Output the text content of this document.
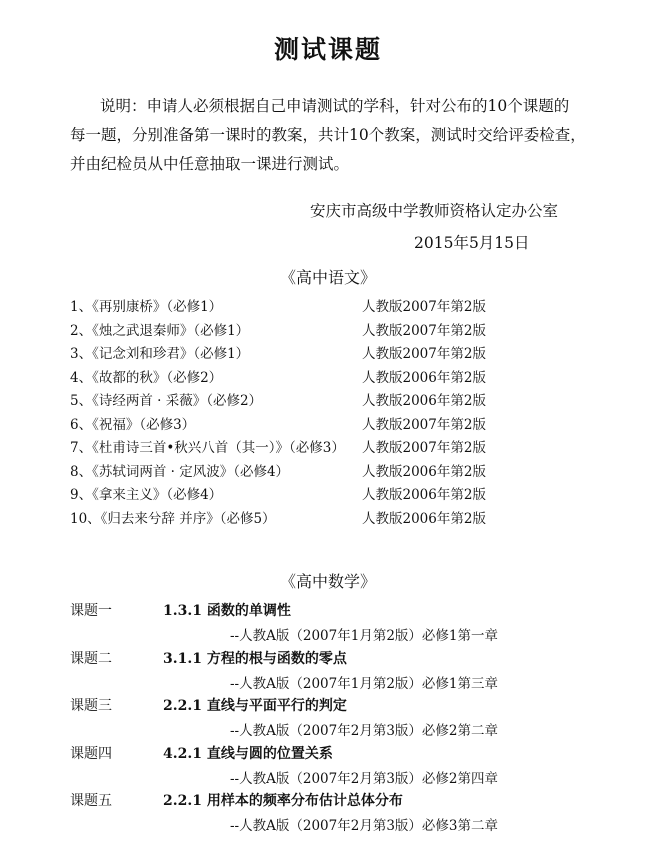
测试课题
说明：申请人必须根据自己申请测试的学科，针对公布的10个课题的
每一题，分别准备第一课时的教案，共计10个教案，测试时交给评委检查，
并由纪检员从中任意抽取一课进行测试。
安庆市高级中学教师资格认定办公室
2015年5月15日
《高中语文》
1、《再别康桥》（必修1）	人教版2007年第2版
2、《烛之武退秦师》（必修1）	人教版2007年第2版
3、《记念刘和珍君》（必修1）	人教版2007年第2版
4、《故都的秋》（必修2）	人教版2006年第2版
5、《诗经两首 · 采薇》（必修2）	人教版2006年第2版
6、《祝福》（必修3）	人教版2007年第2版
7、《杜甫诗三首•秋兴八首（其一）》（必修3） 人教版2007年第2版
8、《苏轼词两首 · 定风波》（必修4）	人教版2006年第2版
9、《拿来主义》（必修4）	人教版2006年第2版
10、《归去来兮辞 并序》（必修5）	人教版2006年第2版
《高中数学》
课题一	1.3.1 函数的单调性
--人教A版（2007年1月第2版）必修1第一章
课题二	3.1.1 方程的根与函数的零点
--人教A版（2007年1月第2版）必修1第三章
课题三	2.2.1 直线与平面平行的判定
--人教A版（2007年2月第3版）必修2第二章
课题四	4.2.1 直线与圆的位置关系
--人教A版（2007年2月第3版）必修2第四章
课题五	2.2.1 用样本的频率分布估计总体分布
--人教A版（2007年2月第3版）必修3第二章
